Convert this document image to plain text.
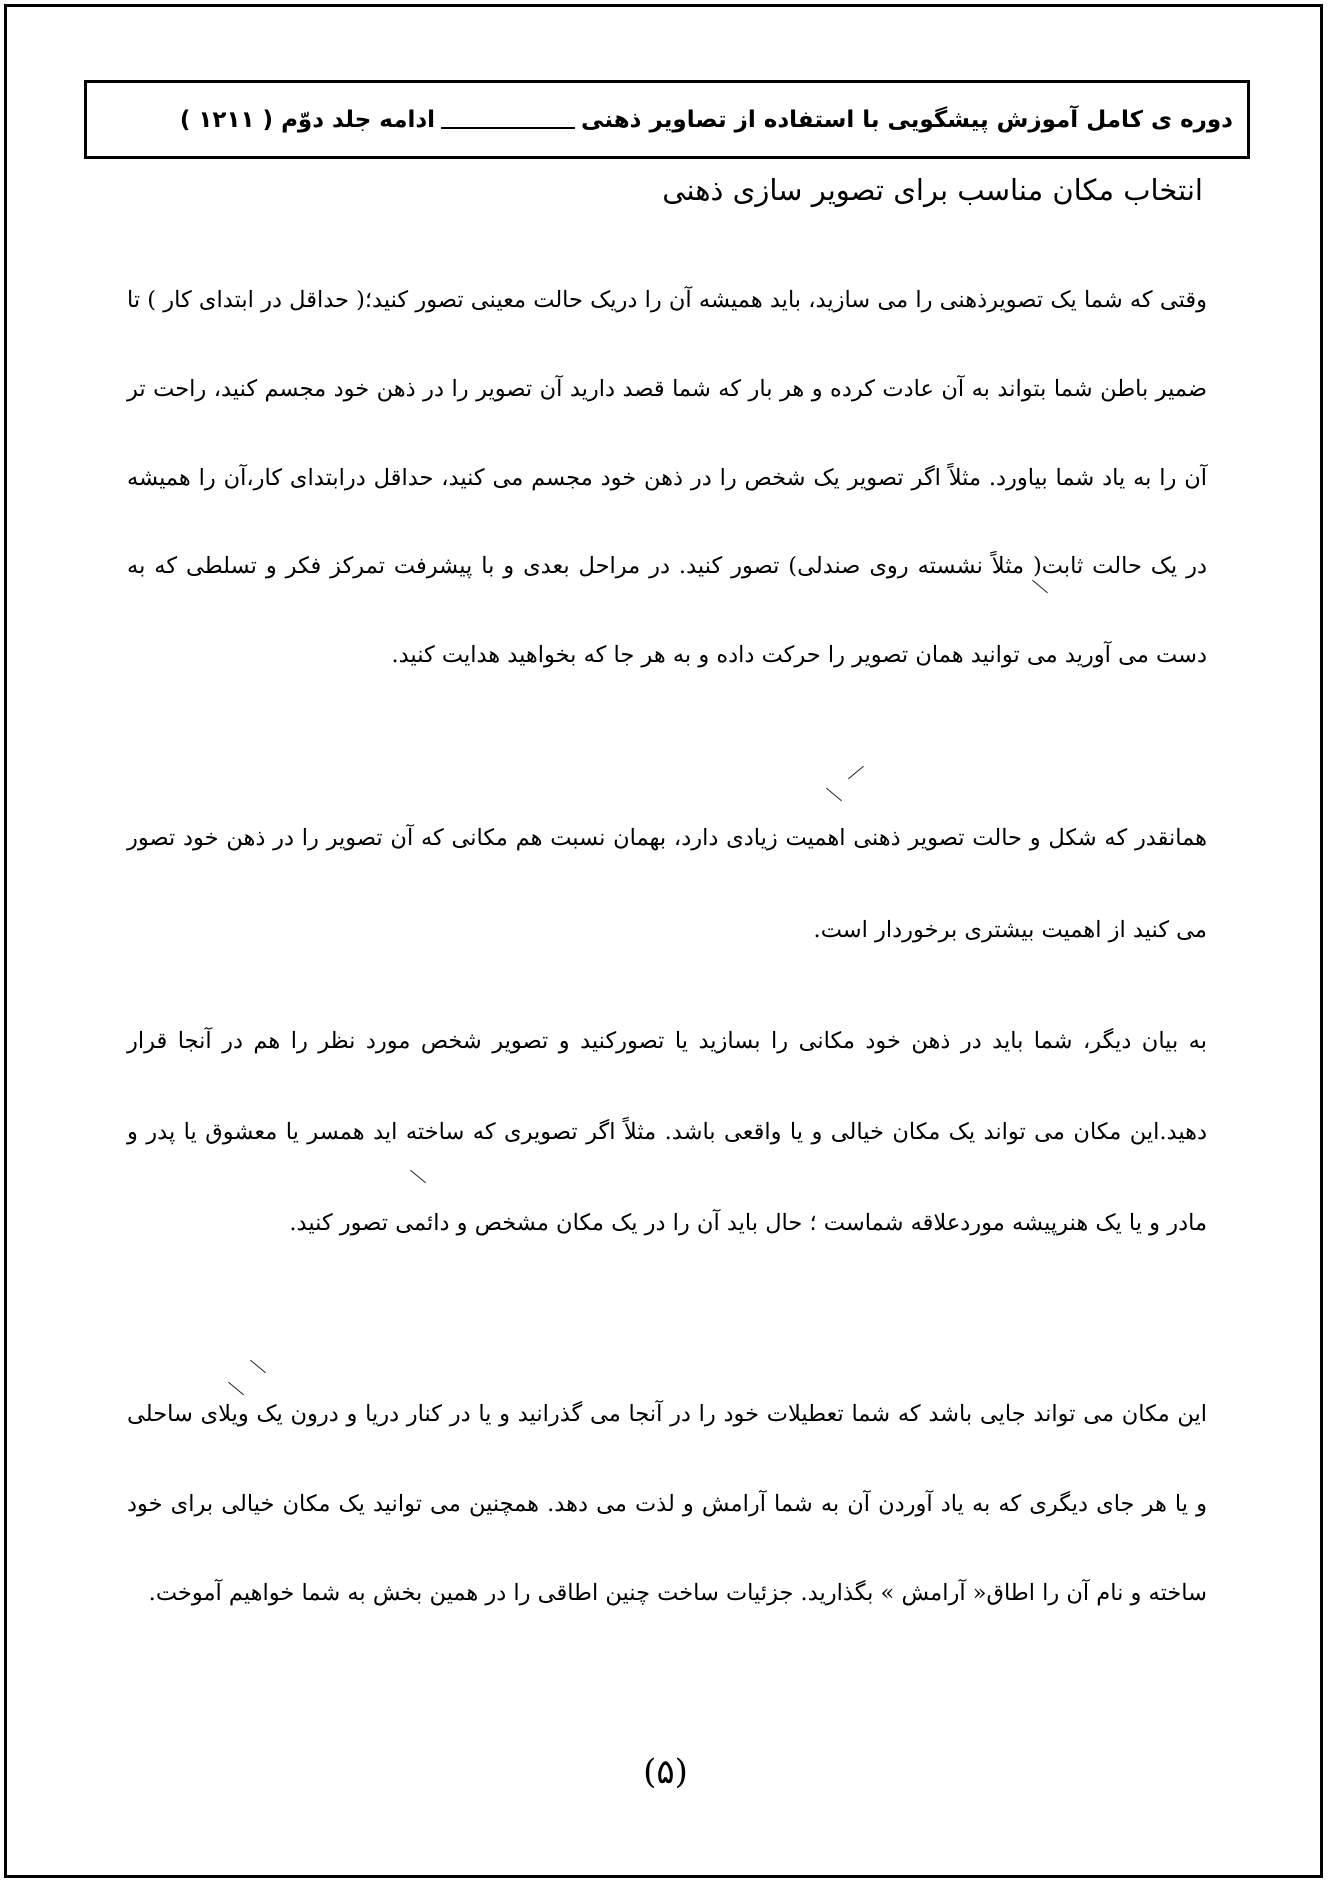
دوره ی کامل آموزش پیشگویی با استفاده از تصاویر ذهنی
ادامه جلد دوّم

( ۱۲۱۱ )
انتخاب مکان مناسب برای تصویر سازی ذهنی

وقتی که شما یک تصویرذهنی را می سازید، باید همیشه آن را دریک حالت معینی تصور کنید؛( حداقل در ابتدای کار ) تا ضمیر باطن شما بتواند به آن عادت کرده و هر بار که شما قصد دارید آن تصویر را در ذهن خود مجسم کنید، راحت تر آن را به یاد شما بیاورد. مثلاً اگر تصویر یک شخص را در ذهن خود مجسم می کنید، حداقل درابتدای کار،آن را همیشه در یک حالت ثابت( مثلاً نشسته روی صندلی) تصور کنید. در مراحل بعدی و با پیشرفت تمرکز فکر و تسلطی که به دست می آورید می توانید همان تصویر را حرکت داده و به هر جا که بخواهید هدایت کنید.

همانقدر که شکل و حالت تصویر ذهنی اهمیت زیادی دارد، بهمان نسبت هم مکانی که آن تصویر را در ذهن خود تصور می کنید از اهمیت بیشتری برخوردار است.

به بیان دیگر، شما باید در ذهن خود مکانی را بسازید یا تصورکنید و تصویر شخص مورد نظر را هم در آنجا قرار دهید.این مکان می تواند یک مکان خیالی و یا واقعی باشد. مثلاً اگر تصویری که ساخته اید همسر یا معشوق یا پدر و مادر و یا یک هنرپیشه موردعلاقه شماست ؛ حال باید آن را در یک مکان مشخص و دائمی تصور کنید.

این مکان می تواند جایی باشد که شما تعطیلات خود را در آنجا می گذرانید و یا در کنار دریا و درون یک ویلای ساحلی و یا هر جای دیگری که به یاد آوردن آن به شما آرامش و لذت می دهد. همچنین می توانید یک مکان خیالی برای خود ساخته و نام آن را اطاق« آرامش » بگذارید. جزئیات ساخت چنین اطاقی را در همین بخش به شما خواهیم آموخت.

(۵)
